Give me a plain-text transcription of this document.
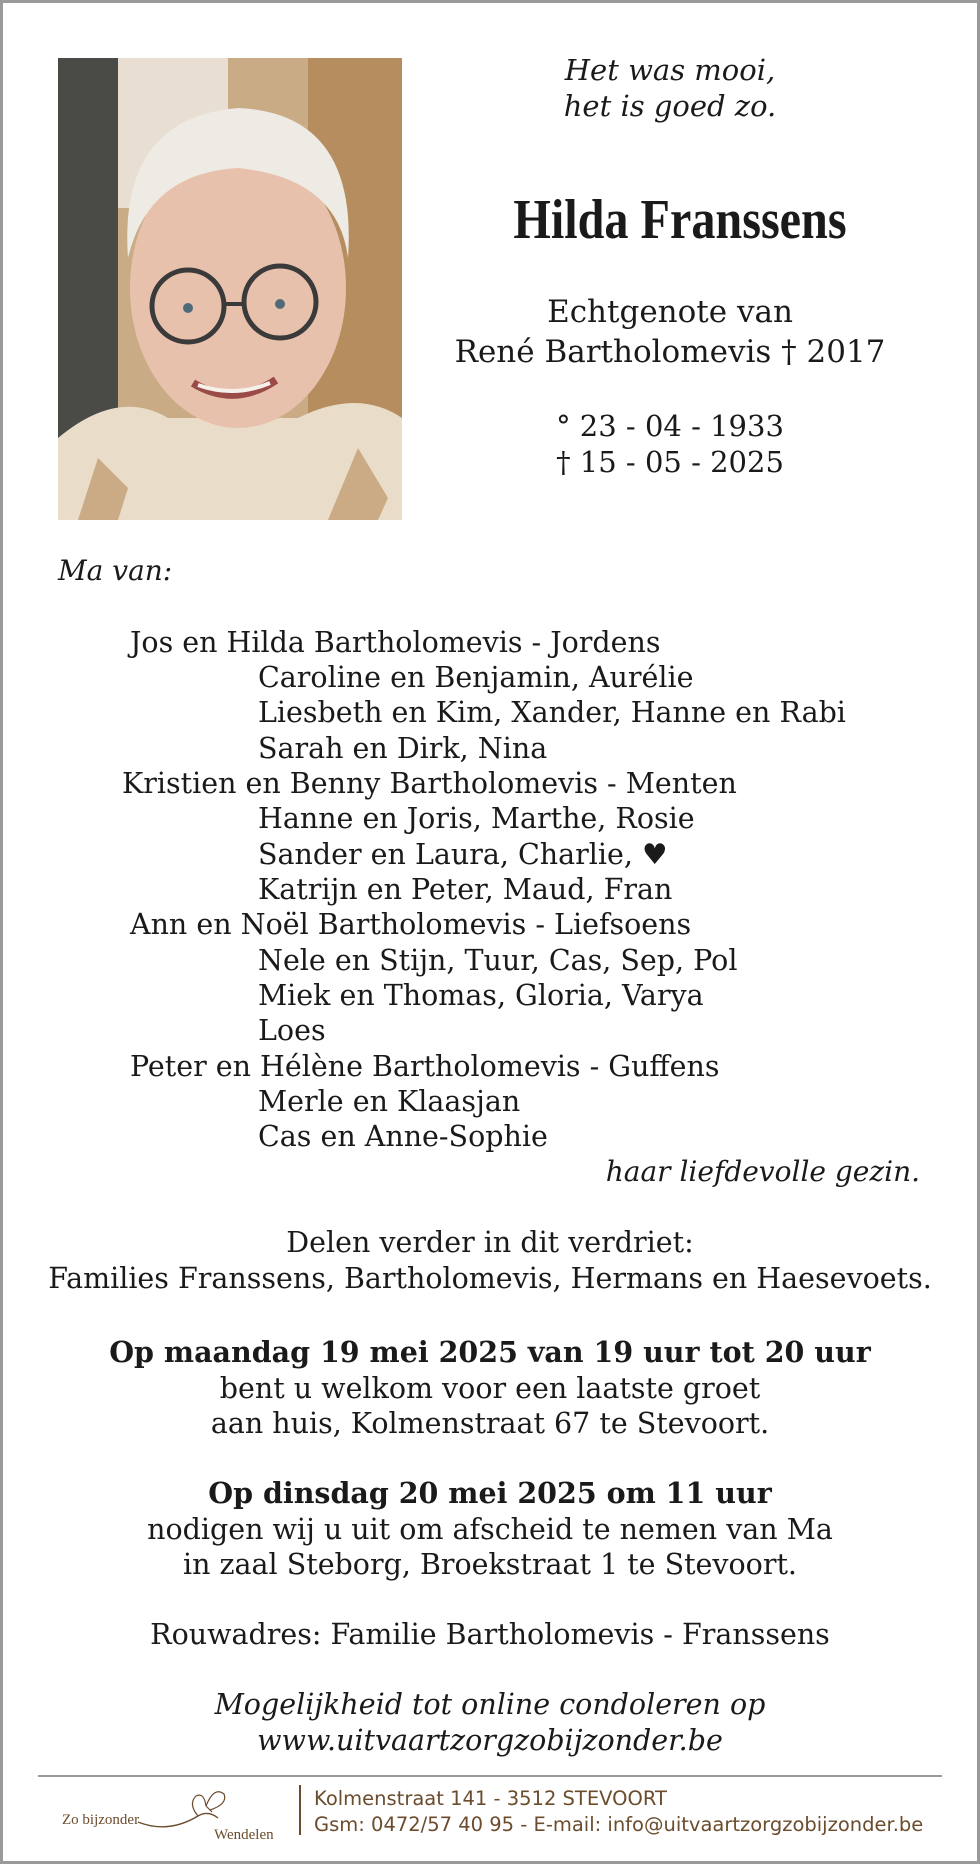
Het was mooi,
het is goed zo.
Hilda Franssens
Echtgenote van
René Bartholomevis † 2017
° 23 - 04 - 1933
† 15 - 05 - 2025
Ma van:
Jos en Hilda Bartholomevis - Jordens
Caroline en Benjamin, Aurélie
Liesbeth en Kim, Xander, Hanne en Rabi
Sarah en Dirk, Nina
Kristien en Benny Bartholomevis - Menten
Hanne en Joris, Marthe, Rosie
Sander en Laura, Charlie, ♥
Katrijn en Peter, Maud, Fran
Ann en Noël Bartholomevis - Liefsoens
Nele en Stijn, Tuur, Cas, Sep, Pol
Miek en Thomas, Gloria, Varya
Loes
Peter en Hélène Bartholomevis - Guffens
Merle en Klaasjan
Cas en Anne-Sophie
haar liefdevolle gezin.
Delen verder in dit verdriet:
Families Franssens, Bartholomevis, Hermans en Haesevoets.
Op maandag 19 mei 2025 van 19 uur tot 20 uur
bent u welkom voor een laatste groet
aan huis, Kolmenstraat 67 te Stevoort.
Op dinsdag 20 mei 2025 om 11 uur
nodigen wij u uit om afscheid te nemen van Ma
in zaal Steborg, Broekstraat 1 te Stevoort.
Rouwadres: Familie Bartholomevis - Franssens
Mogelijkheid tot online condoleren op
www.uitvaartzorgzobijzonder.be
Zo bijzonder
Wendelen
Kolmenstraat 141 - 3512 STEVOORT
Gsm: 0472/57 40 95 - E-mail: info@uitvaartzorgzobijzonder.be
